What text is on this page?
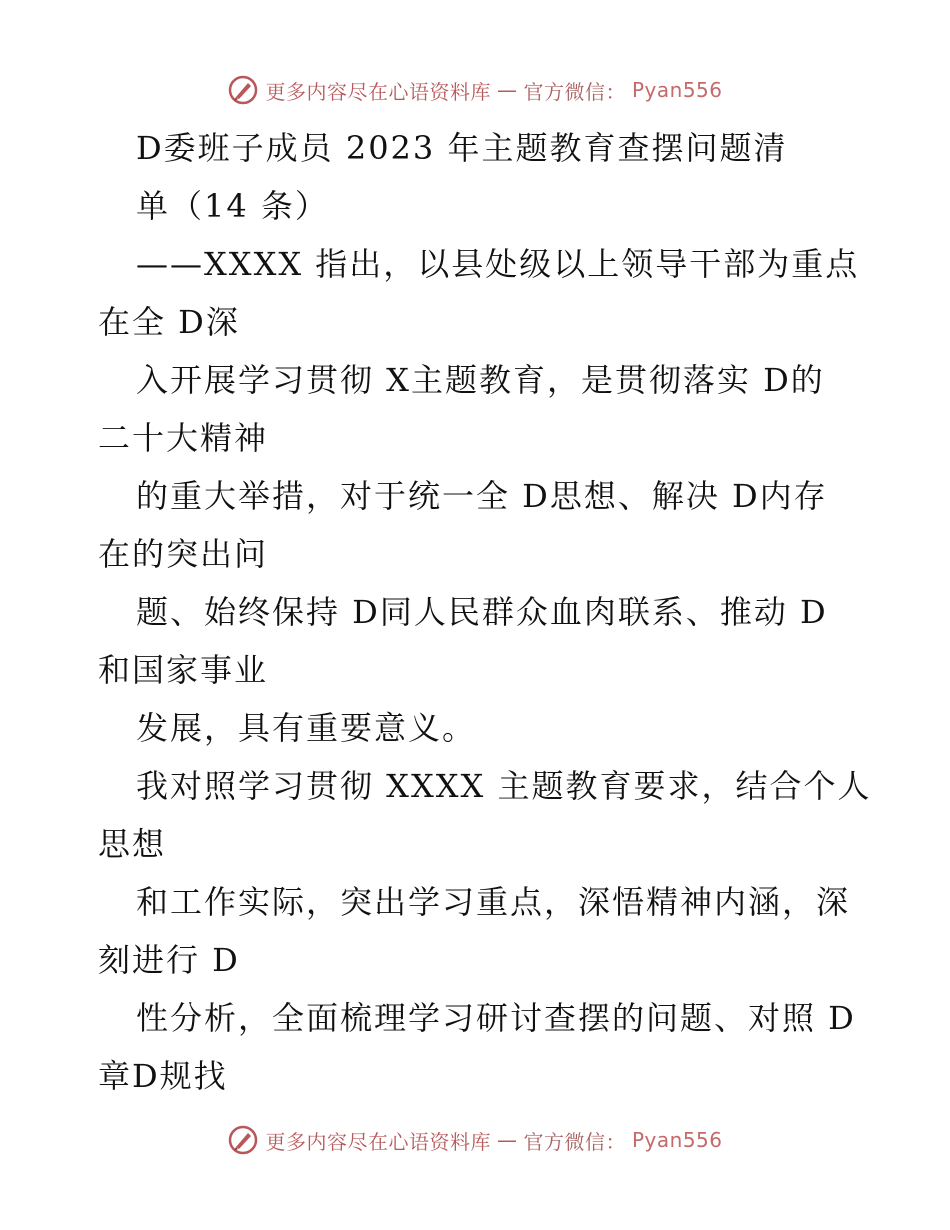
更多内容尽在心语资料库 — 官方微信： Pyan556
D委班子成员 2023 年主题教育查摆问题清
单（14 条）
——XXXX 指出，以县处级以上领导干部为重点
在全 D深
入开展学习贯彻 X主题教育，是贯彻落实 D的
二十大精神
的重大举措，对于统一全 D思想、解决 D内存
在的突出问
题、始终保持 D同人民群众血肉联系、推动 D
和国家事业
发展，具有重要意义。
我对照学习贯彻 XXXX 主题教育要求，结合个人
思想
和工作实际，突出学习重点，深悟精神内涵，深
刻进行 D
性分析，全面梳理学习研讨查摆的问题、对照 D
章D规找
更多内容尽在心语资料库 — 官方微信： Pyan556
